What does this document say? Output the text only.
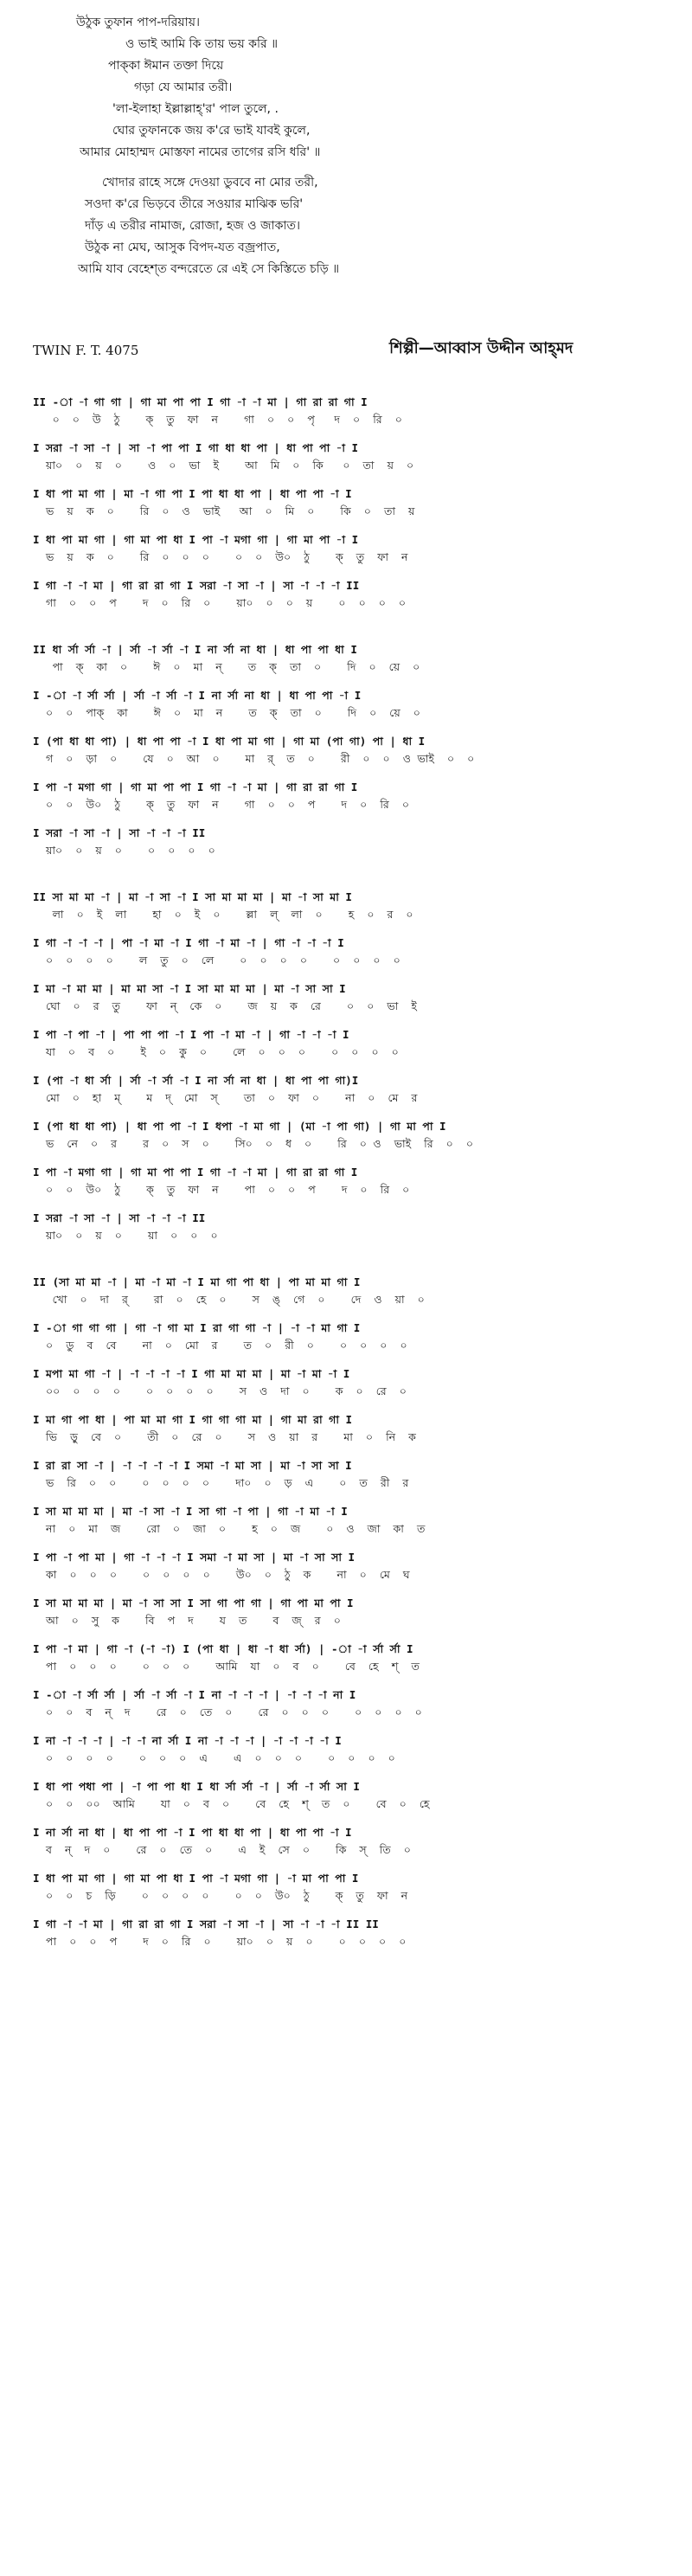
উঠুক তুফান পাপ-দরিয়ায়।
ও ভাই আমি কি তায় ভয় করি ॥
পাক্‌কা ঈমান তক্তা দিয়ে
গড়া যে আমার তরী।
'লা-ইলাহা ইল্লাল্লাহ্'র' পাল তুলে, .
ঘোর তুফানকে জয় ক'রে ভাই যাবই কুলে,
আমার মোহাম্মদ মোস্তফা নামের তাগের রসি ধরি' ॥
খোদার রাহে সঙ্গে দেওয়া ডুববে না মোর তরী,
সওদা ক'রে ভিড়বে তীরে সওয়ার মাঝিক ভরি'
দাঁড় এ তরীর নামাজ, রোজা, হজ ও জাকাত।
উঠুক না মেঘ, আসুক বিপদ-যত বজ্রপাত,
আমি যাব বেহেশ্‌ত বন্দরেতে রে এই সে কিস্তিতে চড়ি ॥
TWIN F. T. 4075	শিল্পী—আব্বাস উদ্দীন আহ্‌মদ
II -া -া গা গা | গা মা পা পা I গা -া -া মা | গা রা রা গা I
০  ০  উ  ঠু    ক্  তু  ফা  ন    গা  ০  ০  পৃ   দ  ০  রি  ০
I সরা -া সা -া | সা -া পা পা I গা ধা ধা পা | ধা পা পা -া I
য়া০  ০  য়  ০    ও  ০  ভা  ই    আ  মি  ০  কি   ০  তা  য়  ০
I ধা পা মা গা | মা -া গা পা I পা ধা ধা পা | ধা পা পা -া I
ভ  য়  ক  ০    রি  ০  ও  ভাই   আ  ০  মি  ০    কি  ০  তা  য়
I ধা পা মা গা | গা মা পা ধা I পা -া মগা গা | গা মা পা -া I
ভ  য়  ক  ০    রি  ০  ০  ০    ০  ০  উ০  ঠু    ক্  তু  ফা  ন
I গা -া -া মা | গা রা রা গা I সরা -া সা -া | সা -া -া -া II
গা  ০  ০  প    দ  ০  রি  ০    য়া০  ০  ০  য়    ০  ০  ০  ০
II ধা র্সা র্সা -া | র্সা -া র্সা -া I না র্সা না ধা | ধা পা পা ধা I
পা  ক্  কা  ০    ঈ  ০  মা  ন্    ত  ক্  তা  ০    দি  ০  য়ে  ০
I -া -া র্সা র্সা | র্সা -া র্সা -া I না র্সা না ধা | ধা পা পা -া I
০  ০  পাক্  কা    ঈ  ০  মা  ন    ত  ক্  তা  ০    দি  ০  য়ে  ০
I (পা ধা ধা পা) | ধা পা পা -া I ধা পা মা গা | গা মা (পা গা) পা | ধা I
গ  ০  ড়া  ০    যে  ০  আ  ০    মা  র্  ত  ০    রী  ০  ০  ও ভাই  ০  ০
I পা -া মগা গা | গা মা পা পা I গা -া -া মা | গা রা রা গা I
০  ০  উ০  ঠু    ক্  তু  ফা  ন    গা  ০  ০  প    দ  ০  রি  ০
I সরা -া সা -া | সা -া -া -া II
য়া০  ০  য়  ০    ০  ০  ০  ০
II সা মা মা -া | মা -া সা -া I সা মা মা মা | মা -া সা মা I
লা  ০  ই  লা    হা  ০  ই  ০    ল্লা  ল্  লা  ০    হ  ০  র  ০
I গা -া -া -া | পা -া মা -া I গা -া মা -া | গা -া -া -া I
০  ০  ০  ০    ল  তু  ০  লে    ০  ০  ০  ০    ০  ০  ০  ০
I মা -া মা মা | মা মা সা -া I সা মা মা মা | মা -া সা সা I
ঘো  ০  র  তু    ফা  ন্  কে  ০    জ  য়  ক  রে    ০  ০  ভা  ই
I পা -া পা -া | পা পা পা -া I পা -া মা -া | গা -া -া -া I
যা  ০  ব  ০    ই  ০  কু  ০    লে  ০  ০  ০    ০  ০  ০  ০
I (পা -া ধা র্সা | র্সা -া র্সা -া I না র্সা না ধা | ধা পা পা গা)I
মো  ০  হা  ম্    ম  দ্  মো  স্    তা  ০  ফা  ০    না  ০  মে  র
I (পা ধা ধা পা) | ধা পা পা -া I ধপা -া মা গা | (মা -া পা গা) | গা মা পা I
ভ  নে  ০  র    র  ০  স  ০    সি০  ০  ধ  ০    রি  ০ ও  ভাই  রি  ০  ০
I পা -া মগা গা | গা মা পা পা I গা -া -া মা | গা রা রা গা I
০  ০  উ০  ঠু    ক্  তু  ফা  ন    পা  ০  ০  প    দ  ০  রি  ০
I সরা -া সা -া | সা -া -া -া II
য়া০  ০  য়  ০    য়া  ০  ০  ০
II (সা মা মা -া | মা -া মা -া I মা গা পা ধা | পা মা মা গা I
খো  ০  দা  র্    রা  ০  হে  ০    স  ঙ্  গে  ০    দে  ও  য়া  ০
I -া গা গা গা | গা -া গা মা I রা গা গা -া | -া -া মা গা I
০  ডু  ব  বে    না  ০  মো  র    ত  ০  রী  ০    ০  ০  ০  ০
I মপা মা গা -া | -া -া -া -া I গা মা মা মা | মা -া মা -া I
০০  ০  ০  ০    ০  ০  ০  ০    স  ও  দা  ০    ক  ০  রে  ০
I মা গা পা ধা | পা মা মা গা I গা গা গা মা | গা মা রা গা I
ভি  ড়ু  বে  ০    তী  ০  রে  ০    স  ও  য়া  র    মা  ০  নি  ক
I রা রা সা -া | -া -া -া -া I সমা -া মা সা | মা -া সা সা I
ভ  রি  ০  ০    ০  ০  ০  ০    দা০  ০  ড়  এ    ০  ত  রী  র
I সা মা মা মা | মা -া সা -া I সা গা -া পা | গা -া মা -া I
না  ০  মা  জ    রো  ০  জা  ০    হ  ০  জ    ০  ও  জা  কা  ত
I পা -া পা মা | গা -া -া -া I সমা -া মা সা | মা -া সা সা I
কা  ০  ০  ০    ০  ০  ০  ০    উ০  ০  ঠু  ক    না  ০  মে  ঘ
I সা মা মা মা | মা -া সা সা I সা গা পা গা | গা পা মা পা I
আ  ০  সু  ক    বি  প  দ    য  ত    ব  জ্  র  ০
I পা -া মা | গা -া (-া -া) I (পা ধা | ধা -া ধা র্সা) | -া -া র্সা র্সা I
পা  ০  ০  ০    ০  ০  ০    আমি  যা  ০  ব  ০    বে  হে  শ্  ত
I -া -া র্সা র্সা | র্সা -া র্সা -া I না -া -া -া | -া -া -া না I
০  ০  ব  ন্  দ    রে  ০  তে  ০    রে  ০  ০  ০    ০  ০  ০  ০
I না -া -া -া | -া -া না র্সা I না -া -া -া | -া -া -া -া I
০  ০  ০  ০    ০  ০  ০  এ    এ  ০  ০  ০    ০  ০  ০  ০
I ধা পা পধা পা | -া পা পা ধা I ধা র্সা র্সা -া | র্সা -া র্সা সা I
০  ০  ০০  আমি    যা  ০  ব  ০    বে  হে  শ্  ত  ০    বে  ০  হে
I না র্সা না ধা | ধা পা পা -া I পা ধা ধা পা | ধা পা পা -া I
ব  ন্  দ  ০    রে  ০  তে  ০    এ  ই  সে  ০    কি  স্  তি  ০
I ধা পা মা গা | গা মা পা ধা I পা -া মগা গা | -া মা পা পা I
০  ০  চ  ড়ি    ০  ০  ০  ০    ০  ০  উ০  ঠু    ক্  তু  ফা  ন
I গা -া -া মা | গা রা রা গা I সরা -া সা -া | সা -া -া -া II II
পা  ০  ০  প    দ  ০  রি  ০    য়া০  ০  য়  ০    ০  ০  ০  ০
